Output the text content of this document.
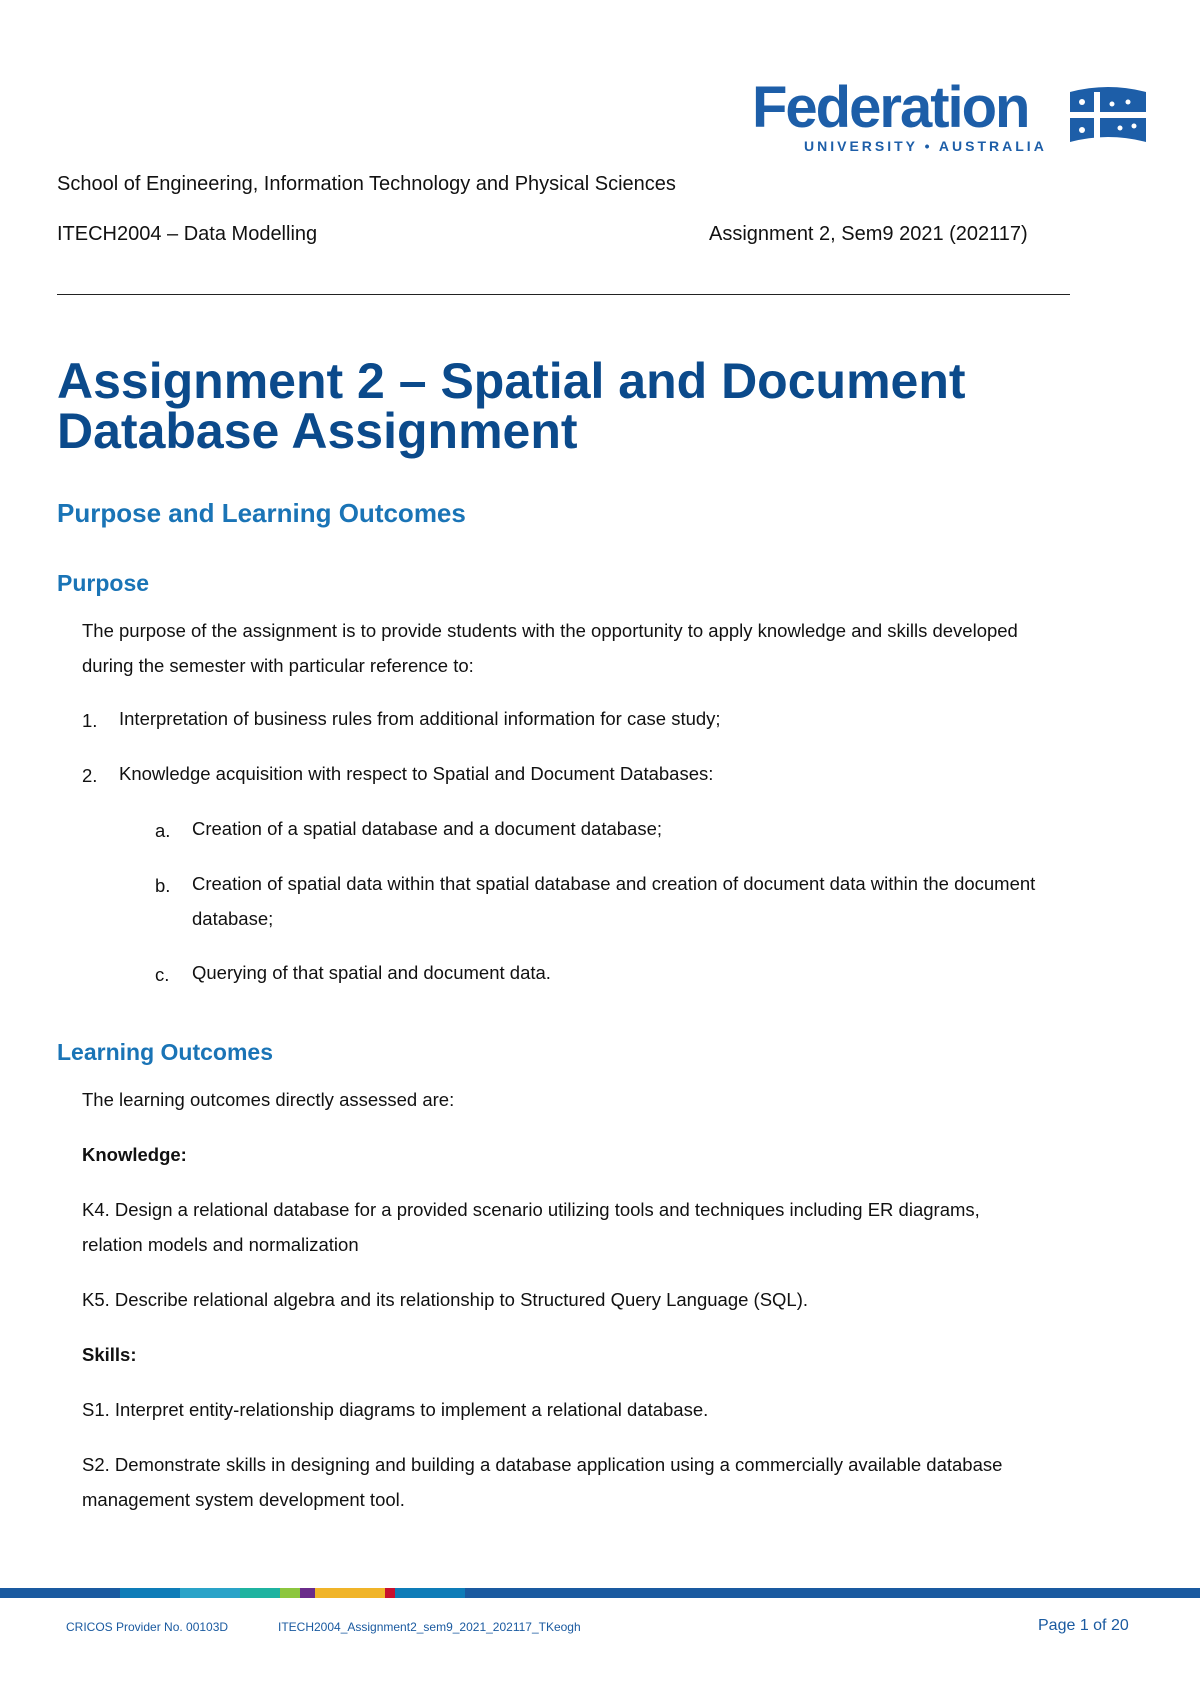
Federation
UNIVERSITY • AUSTRALIA
School of Engineering, Information Technology and Physical Sciences
ITECH2004 – Data Modelling	Assignment 2, Sem9 2021 (202117)
Assignment 2 – Spatial and Document
Database Assignment
Purpose and Learning Outcomes
Purpose

The purpose of the assignment is to provide students with the opportunity to apply knowledge and skills developed

during the semester with particular reference to:

1. Interpretation of business rules from additional information for case study;

2. Knowledge acquisition with respect to Spatial and Document Databases:

a. Creation of a spatial database and a document database;

b. Creation of spatial data within that spatial database and creation of document data within the document

database;

c. Querying of that spatial and document data.

Learning Outcomes

The learning outcomes directly assessed are:

Knowledge:

K4. Design a relational database for a provided scenario utilizing tools and techniques including ER diagrams,

relation models and normalization

K5. Describe relational algebra and its relationship to Structured Query Language (SQL).

Skills:

S1. Interpret entity-relationship diagrams to implement a relational database.

S2. Demonstrate skills in designing and building a database application using a commercially available database

management system development tool.

CRICOS Provider No. 00103D	ITECH2004_Assignment2_sem9_2021_202117_TKeogh	Page 1 of 20
